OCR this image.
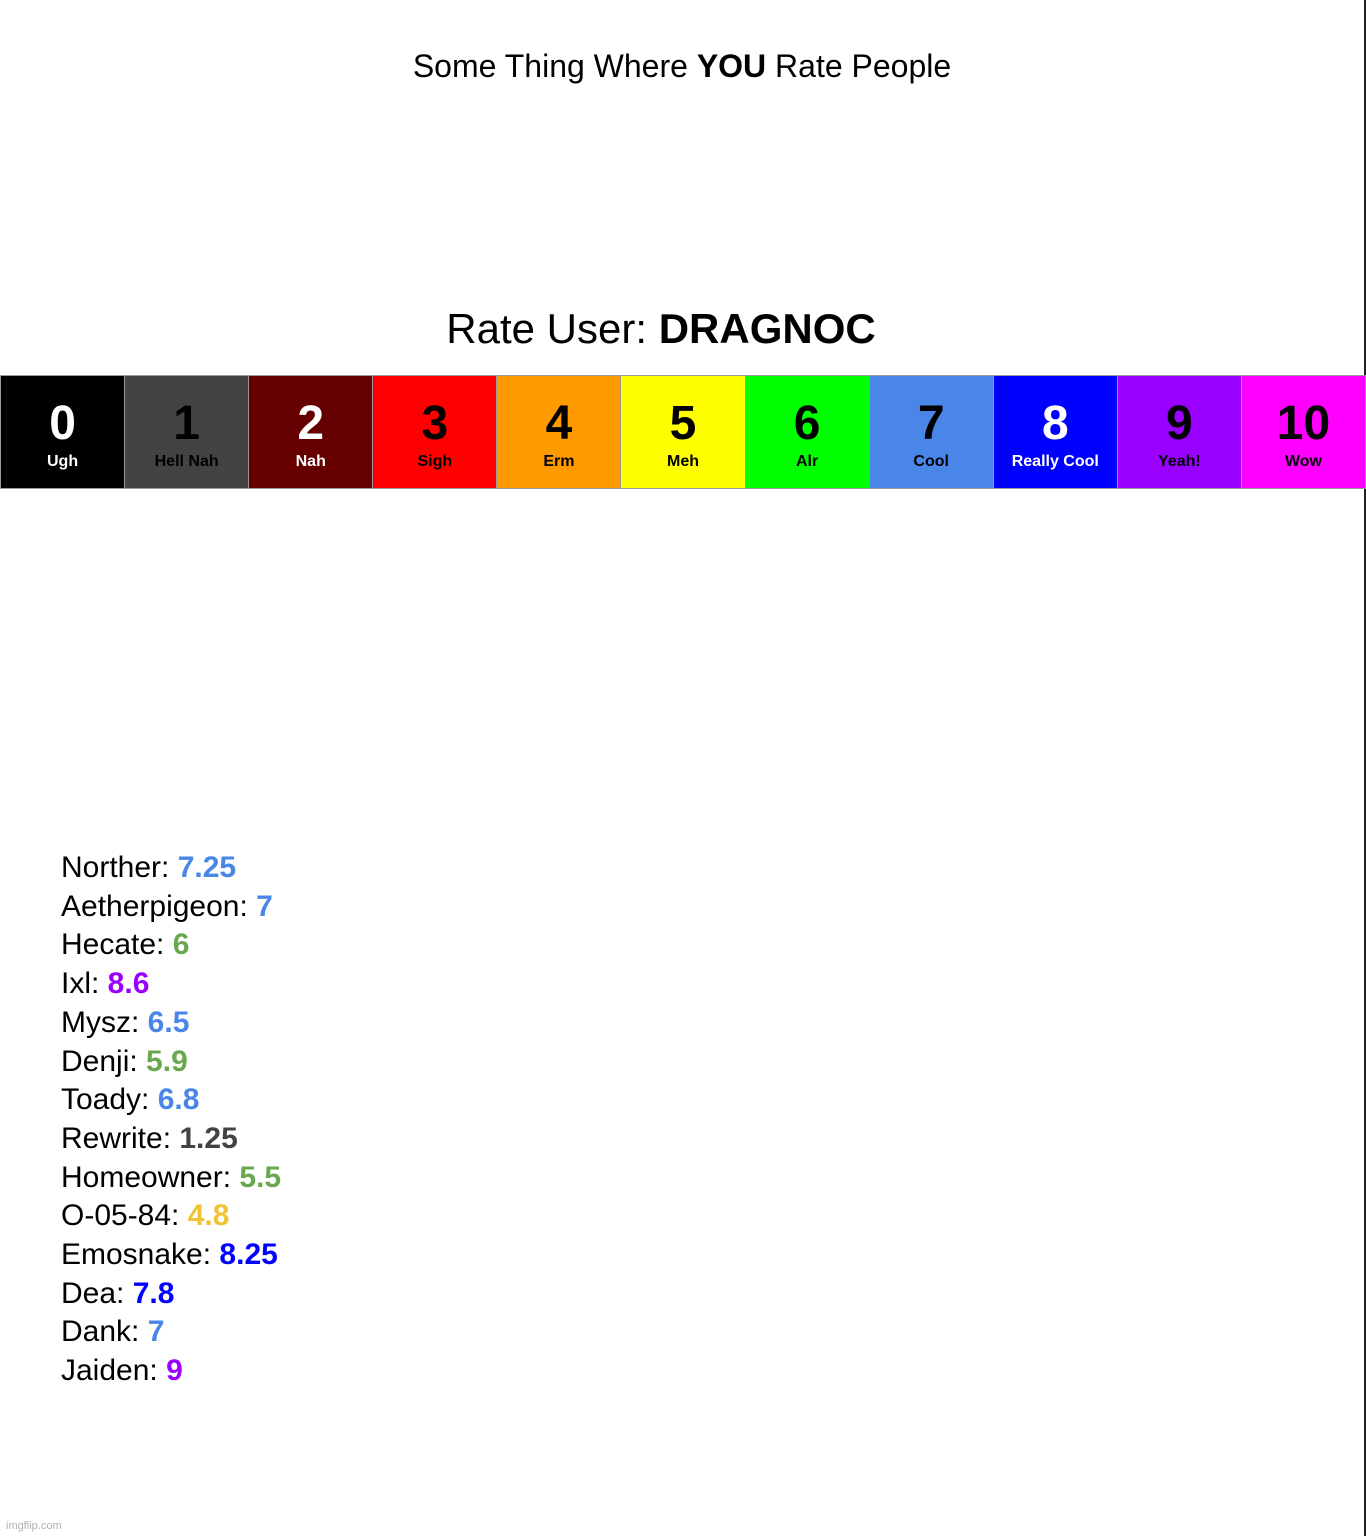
Some Thing Where YOU Rate People
Rate User: DRAGNOC
0
Ugh
1
Hell Nah
2
Nah
3
Sigh
4
Erm
5
Meh
6
Alr
7
Cool
8
Really Cool
9
Yeah!
10
Wow
Norther: 7.25
Aetherpigeon: 7
Hecate: 6
Ixl: 8.6
Mysz: 6.5
Denji: 5.9
Toady: 6.8
Rewrite: 1.25
Homeowner: 5.5
O-05-84: 4.8
Emosnake: 8.25
Dea: 7.8
Dank: 7
Jaiden: 9
imgflip.com
